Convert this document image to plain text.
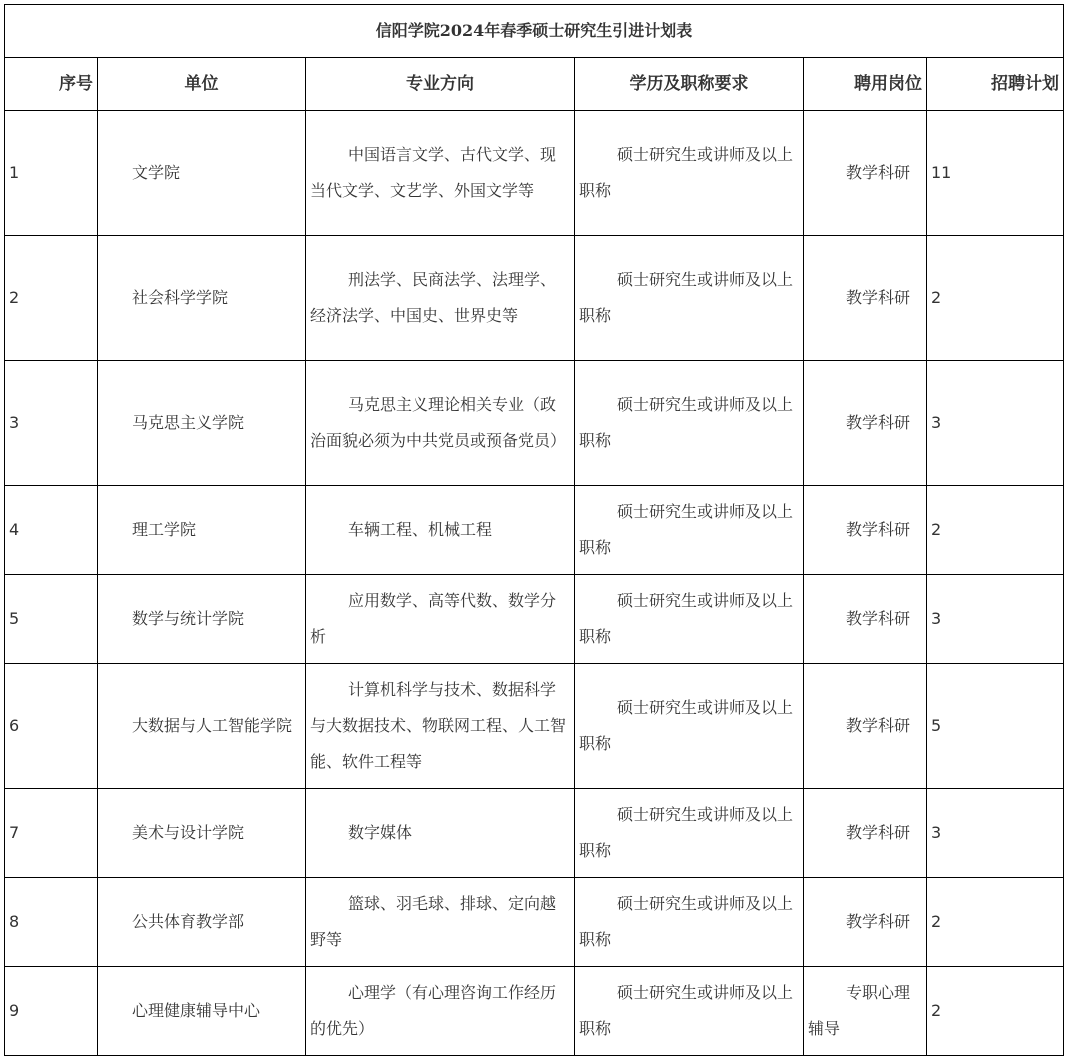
信阳学院2024年春季硕士研究生引进计划表					
序号	单位	专业方向	学历及职称要求	聘用岗位	招聘计划
1	文学院	中国语言文学、古代文学、现当代文学、文艺学、外国文学等	硕士研究生或讲师及以上职称	教学科研	11
2	社会科学学院	刑法学、民商法学、法理学、经济法学、中国史、世界史等	硕士研究生或讲师及以上职称	教学科研	2
3	马克思主义学院	马克思主义理论相关专业（政治面貌必须为中共党员或预备党员）	硕士研究生或讲师及以上职称	教学科研	3
4	理工学院	车辆工程、机械工程	硕士研究生或讲师及以上职称	教学科研	2
5	数学与统计学院	应用数学、高等代数、数学分析	硕士研究生或讲师及以上职称	教学科研	3
6	大数据与人工智能学院	计算机科学与技术、数据科学与大数据技术、物联网工程、人工智能、软件工程等	硕士研究生或讲师及以上职称	教学科研	5
7	美术与设计学院	数字媒体	硕士研究生或讲师及以上职称	教学科研	3
8	公共体育教学部	篮球、羽毛球、排球、定向越野等	硕士研究生或讲师及以上职称	教学科研	2
9	心理健康辅导中心	心理学（有心理咨询工作经历的优先）	硕士研究生或讲师及以上职称	专职心理辅导	2
